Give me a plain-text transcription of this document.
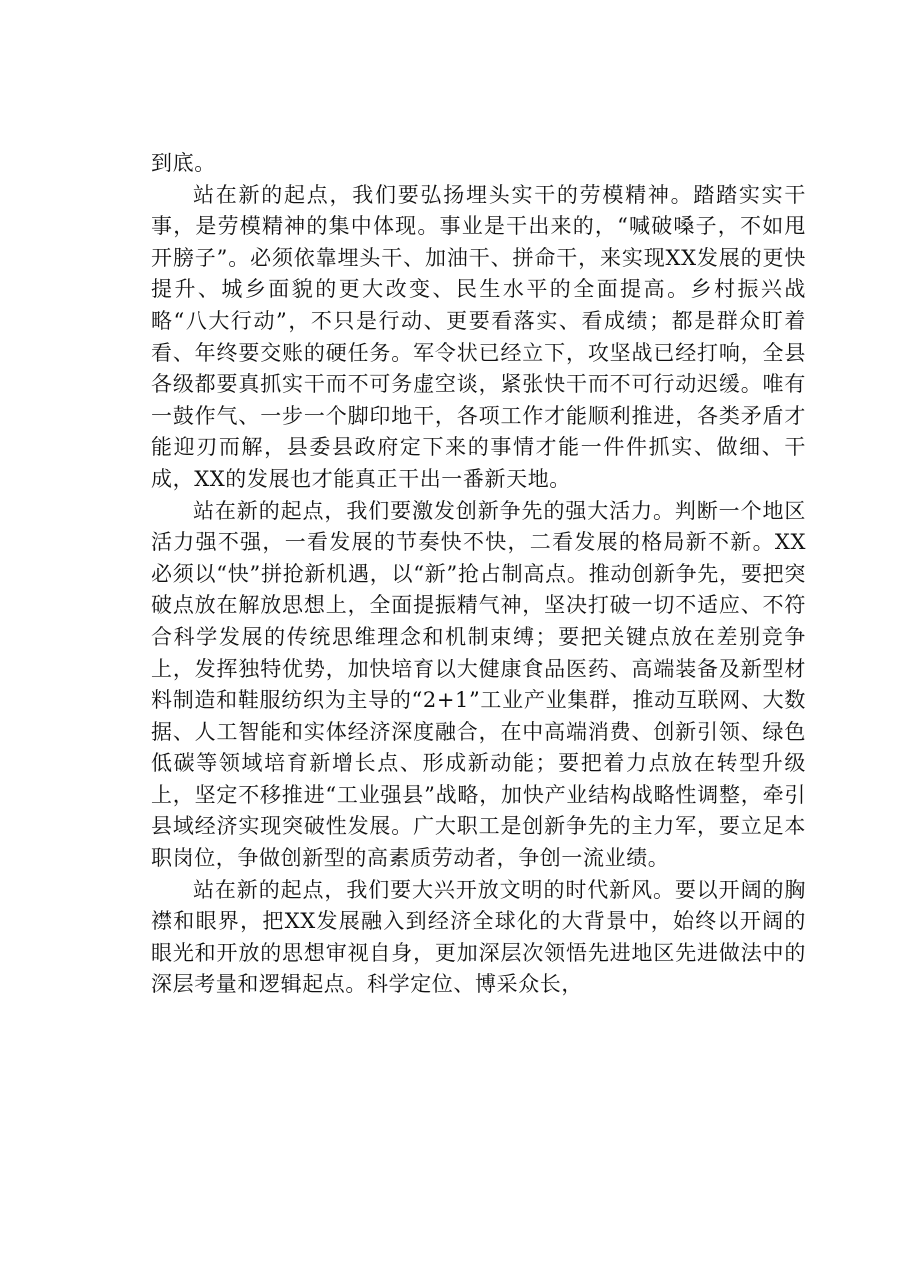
到底。

站在新的起点，我们要弘扬埋头实干的劳模精神。踏踏实实干事，是劳模精神的集中体现。事业是干出来的，“喊破嗓子，不如甩开膀子”。必须依靠埋头干、加油干、拼命干，来实现XX发展的更快提升、城乡面貌的更大改变、民生水平的全面提高。乡村振兴战略“八大行动”，不只是行动、更要看落实、看成绩；都是群众盯着看、年终要交账的硬任务。军令状已经立下，攻坚战已经打响，全县各级都要真抓实干而不可务虚空谈，紧张快干而不可行动迟缓。唯有一鼓作气、一步一个脚印地干，各项工作才能顺利推进，各类矛盾才能迎刃而解，县委县政府定下来的事情才能一件件抓实、做细、干成，XX的发展也才能真正干出一番新天地。

站在新的起点，我们要激发创新争先的强大活力。判断一个地区活力强不强，一看发展的节奏快不快，二看发展的格局新不新。XX必须以“快”拼抢新机遇，以“新”抢占制高点。推动创新争先，要把突破点放在解放思想上，全面提振精气神，坚决打破一切不适应、不符合科学发展的传统思维理念和机制束缚；要把关键点放在差别竞争上，发挥独特优势，加快培育以大健康食品医药、高端装备及新型材料制造和鞋服纺织为主导的“2+1”工业产业集群，推动互联网、大数据、人工智能和实体经济深度融合，在中高端消费、创新引领、绿色低碳等领域培育新增长点、形成新动能；要把着力点放在转型升级上，坚定不移推进“工业强县”战略，加快产业结构战略性调整，牵引县域经济实现突破性发展。广大职工是创新争先的主力军，要立足本职岗位，争做创新型的高素质劳动者，争创一流业绩。

站在新的起点，我们要大兴开放文明的时代新风。要以开阔的胸襟和眼界，把XX发展融入到经济全球化的大背景中，始终以开阔的眼光和开放的思想审视自身，更加深层次领悟先进地区先进做法中的深层考量和逻辑起点。科学定位、博采众长，
